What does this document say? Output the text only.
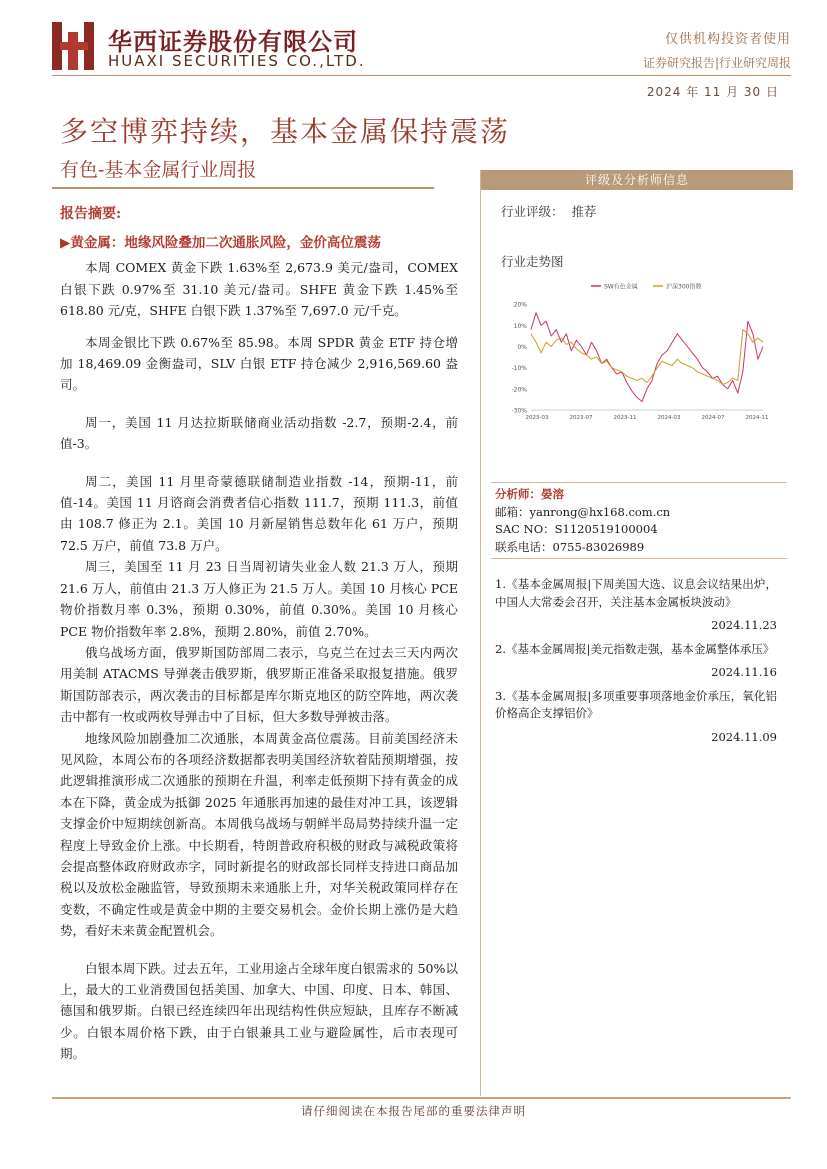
华西证券股份有限公司
HUAXI SECURITIES CO.,LTD.
仅供机构投资者使用
证券研究报告|行业研究周报
2024 年 11 月 30 日
多空博弈持续，基本金属保持震荡
有色-基本金属行业周报
报告摘要:
▶黄金属：地缘风险叠加二次通胀风险，金价高位震荡

本周 COMEX 黄金下跌 1.63%至 2,673.9 美元/盎司，COMEX 白银下跌 0.97%至 31.10 美元/盎司。SHFE 黄金下跌 1.45%至 618.80 元/克，SHFE 白银下跌 1.37%至 7,697.0 元/千克。

本周金银比下跌 0.67%至 85.98。本周 SPDR 黄金 ETF 持仓增加 18,469.09 金衡盎司，SLV 白银 ETF 持仓减少 2,916,569.60 盎司。

周一，美国 11 月达拉斯联储商业活动指数 -2.7，预期-2.4，前值-3。

周二，美国 11 月里奇蒙德联储制造业指数 -14，预期-11，前值-14。美国 11 月谘商会消费者信心指数 111.7，预期 111.3，前值由 108.7 修正为 2.1。美国 10 月新屋销售总数年化 61 万户，预期 72.5 万户，前值 73.8 万户。

周三，美国至 11 月 23 日当周初请失业金人数 21.3 万人，预期 21.6 万人，前值由 21.3 万人修正为 21.5 万人。美国 10 月核心 PCE 物价指数月率 0.3%，预期 0.30%，前值 0.30%。美国 10 月核心 PCE 物价指数年率 2.8%，预期 2.80%，前值 2.70%。

俄乌战场方面，俄罗斯国防部周二表示，乌克兰在过去三天内两次用美制 ATACMS 导弹袭击俄罗斯，俄罗斯正准备采取报复措施。俄罗斯国防部表示，两次袭击的目标都是库尔斯克地区的防空阵地，两次袭击中都有一枚或两枚导弹击中了目标，但大多数导弹被击落。

地缘风险加剧叠加二次通胀，本周黄金高位震荡。目前美国经济未见风险，本周公布的各项经济数据都表明美国经济软着陆预期增强，按此逻辑推演形成二次通胀的预期在升温，利率走低预期下持有黄金的成本在下降，黄金成为抵御 2025 年通胀再加速的最佳对冲工具，该逻辑支撑金价中短期续创新高。本周俄乌战场与朝鲜半岛局势持续升温一定程度上导致金价上涨。中长期看，特朗普政府积极的财政与减税政策将会提高整体政府财政赤字，同时新提名的财政部长同样支持进口商品加税以及放松金融监管，导致预期未来通胀上升，对华关税政策同样存在变数，不确定性或是黄金中期的主要交易机会。金价长期上涨仍是大趋势，看好未来黄金配置机会。

白银本周下跌。过去五年，工业用途占全球年度白银需求的 50%以上，最大的工业消费国包括美国、加拿大、中国、印度、日本、韩国、德国和俄罗斯。白银已经连续四年出现结构性供应短缺，且库存不断减少。白银本周价格下跌，由于白银兼具工业与避险属性，后市表现可期。

评级及分析师信息
行业评级： 推荐
行业走势图
20%
10%
0%
-10%
-20%
-30%
2023-03	2023-07	2023-11	2024-03	2024-07	2024-11
SW有色金属	沪深300指数
分析师：晏溶
邮箱：yanrong@hx168.com.cn
SAC NO：S1120519100004
联系电话：0755-83026989
1.《基本金属周报|下周美国大选、议息会议结果出炉，中国人大常委会召开，关注基本金属板块波动》
2024.11.23
2.《基本金属周报|美元指数走强，基本金属整体承压》
2024.11.16
3.《基本金属周报|多项重要事项落地金价承压，氧化铝价格高企支撑铝价》
2024.11.09
请仔细阅读在本报告尾部的重要法律声明
